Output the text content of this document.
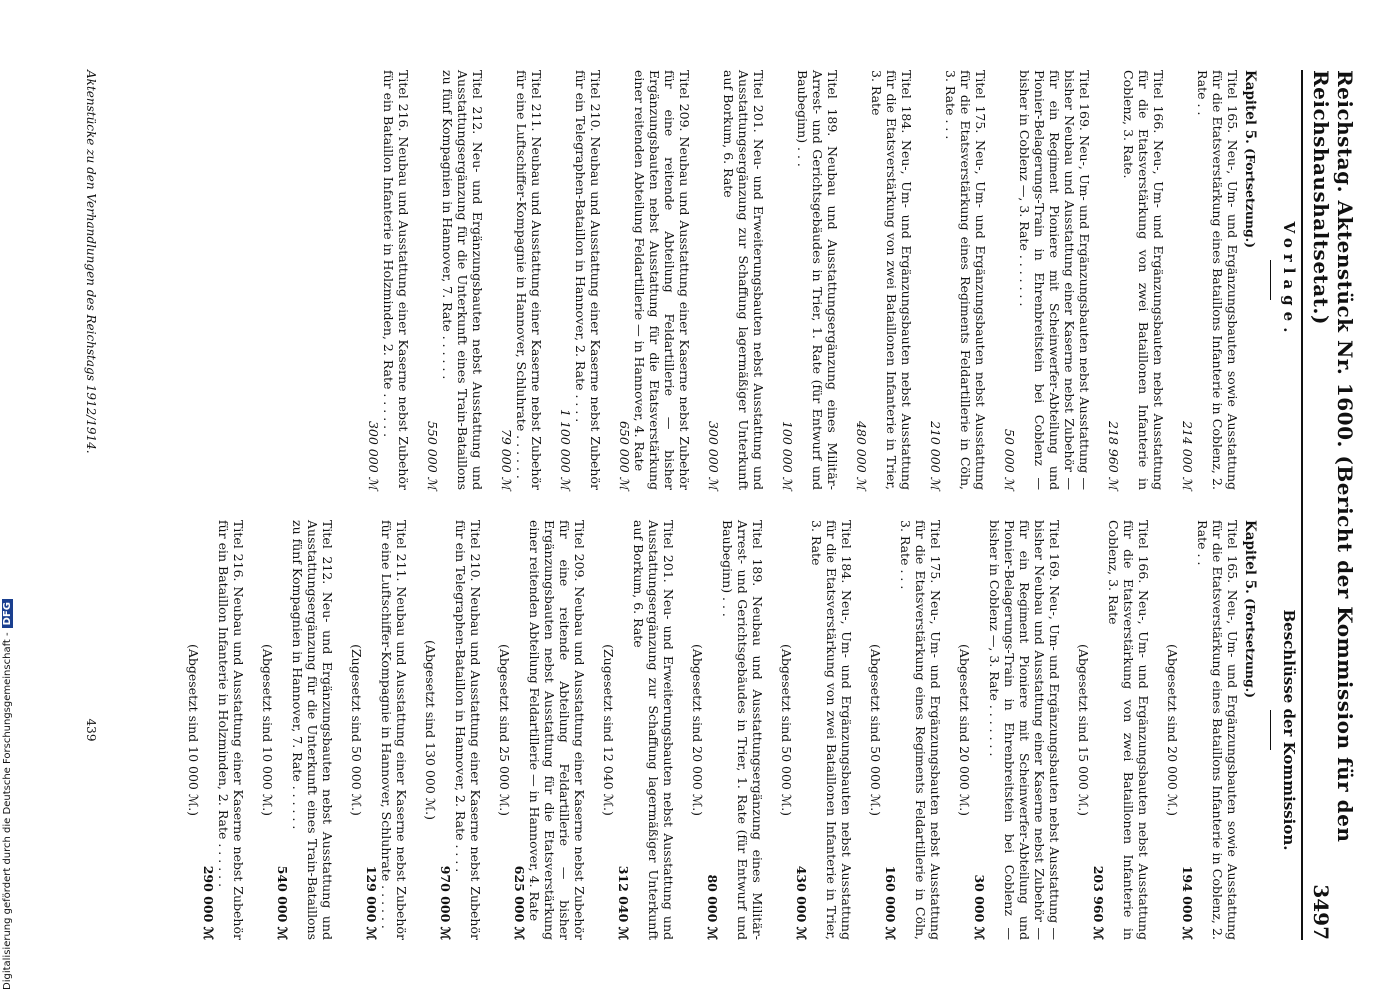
Reichstag. Aktenstück Nr. 1600. (Bericht der Kommission für den Reichshaushaltsetat.)
3497
Vorlage.
Beschlüsse der Kommission.
Kapitel 5. (Fortsetzung.)
Titel 165. Neu-, Um- und Ergänzungsbauten sowie Ausstattung für die Etatsverstärkung eines Bataillons Infanterie in Coblenz, 2. Rate . .
214 000 ℳ
Titel 166. Neu-, Um- und Ergänzungsbauten nebst Ausstattung für die Etatsverstärkung von zwei Bataillonen Infanterie in Coblenz, 3. Rate.
218 960 ℳ
Titel 169. Neu-, Um- und Ergänzungsbauten nebst Ausstattung — bisher Neubau und Ausstattung einer Kaserne nebst Zubehör — für ein Regiment Pioniere mit Scheinwerfer-Abteilung und Pionier-Belagerungs-Train in Ehrenbreitstein bei Coblenz — bisher in Coblenz —, 3. Rate . . . . . . .
50 000 ℳ
Titel 175. Neu-, Um- und Ergänzungsbauten nebst Ausstattung für die Etatsverstärkung eines Regiments Feldartillerie in Cöln, 3. Rate . . .
210 000 ℳ
Titel 184. Neu-, Um- und Ergänzungsbauten nebst Ausstattung für die Etatsverstärkung von zwei Bataillonen Infanterie in Trier, 3. Rate
480 000 ℳ
Titel 189. Neubau und Ausstattungsergänzung eines Militär-Arrest- und Gerichtsgebäudes in Trier, 1. Rate (für Entwurf und Baubeginn) . . .
100 000 ℳ
Titel 201. Neu- und Erweiterungsbauten nebst Ausstattung und Ausstattungsergänzung zur Schaffung lagermäßiger Unterkunft auf Borkum, 6. Rate
300 000 ℳ
Titel 209. Neubau und Ausstattung einer Kaserne nebst Zubehör für eine reitende Abteilung Feldartillerie — bisher Ergänzungsbauten nebst Ausstattung für die Etatsverstärkung einer reitenden Abteilung Feldartillerie — in Hannover, 4. Rate
650 000 ℳ
Titel 210. Neubau und Ausstattung einer Kaserne nebst Zubehör für ein Telegraphen-Bataillon in Hannover, 2. Rate . . . .
1 100 000 ℳ
Titel 211. Neubau und Ausstattung einer Kaserne nebst Zubehör für eine Luftschiffer-Kompagnie in Hannover, Schluhrate . . . . . .
79 000 ℳ
Titel 212. Neu- und Ergänzungsbauten nebst Ausstattung und Ausstattungsergänzung für die Unterkunft eines Train-Bataillons zu fünf Kompagnien in Hannover, 7. Rate . . . . . .
550 000 ℳ
Titel 216. Neubau und Ausstattung einer Kaserne nebst Zubehör für ein Bataillon Infanterie in Holzminden, 2. Rate . . . . . .
300 000 ℳ
Kapitel 5. (Fortsetzung.)
Titel 165. Neu-, Um- und Ergänzungsbauten sowie Ausstattung für die Etatsverstärkung eines Bataillons Infanterie in Coblenz, 2. Rate . .
194 000 ℳ
(Abgesetzt sind 20 000 ℳ.)
Titel 166. Neu-, Um- und Ergänzungsbauten nebst Ausstattung für die Etatsverstärkung von zwei Bataillonen Infanterie in Coblenz, 3. Rate
203 960 ℳ
(Abgesetzt sind 15 000 ℳ.)
Titel 169. Neu-, Um- und Ergänzungsbauten nebst Ausstattung — bisher Neubau und Ausstattung einer Kaserne nebst Zubehör — für ein Regiment Pioniere mit Scheinwerfer-Abteilung und Pionier-Belagerungs-Train in Ehrenbreitstein bei Coblenz — bisher in Coblenz —, 3. Rate . . . . . . .
30 000 ℳ
(Abgesetzt sind 20 000 ℳ.)
Titel 175. Neu-, Um- und Ergänzungsbauten nebst Ausstattung für die Etatsverstärkung eines Regiments Feldartillerie in Cöln, 3. Rate . . .
160 000 ℳ
(Abgesetzt sind 50 000 ℳ.)
Titel 184. Neu-, Um- und Ergänzungsbauten nebst Ausstattung für die Etatsverstärkung von zwei Bataillonen Infanterie in Trier, 3. Rate
430 000 ℳ
(Abgesetzt sind 50 000 ℳ.)
Titel 189. Neubau und Ausstattungsergänzung eines Militär-Arrest- und Gerichtsgebäudes in Trier, 1. Rate (für Entwurf und Baubeginn) . . .
80 000 ℳ
(Abgesetzt sind 20 000 ℳ.)
Titel 201. Neu- und Erweiterungsbauten nebst Ausstattung und Ausstattungsergänzung zur Schaffung lagermäßiger Unterkunft auf Borkum, 6. Rate
312 040 ℳ
(Zugesetzt sind 12 040 ℳ.)
Titel 209. Neubau und Ausstattung einer Kaserne nebst Zubehör für eine reitende Abteilung Feldartillerie — bisher Ergänzungsbauten nebst Ausstattung für die Etatsverstärkung einer reitenden Abteilung Feldartillerie — in Hannover, 4. Rate
625 000 ℳ
(Abgesetzt sind 25 000 ℳ.)
Titel 210. Neubau und Ausstattung einer Kaserne nebst Zubehör für ein Telegraphen-Bataillon in Hannover, 2. Rate . . . .
970 000 ℳ
(Abgesetzt sind 130 000 ℳ.)
Titel 211. Neubau und Ausstattung einer Kaserne nebst Zubehör für eine Luftschiffer-Kompagnie in Hannover, Schluhrate . . . . . .
129 000 ℳ
(Zugesetzt sind 50 000 ℳ.)
Titel 212. Neu- und Ergänzungsbauten nebst Ausstattung und Ausstattungsergänzung für die Unterkunft eines Train-Bataillons zu fünf Kompagnien in Hannover, 7. Rate . . . . . .
540 000 ℳ
(Abgesetzt sind 10 000 ℳ.)
Titel 216. Neubau und Ausstattung einer Kaserne nebst Zubehör für ein Bataillon Infanterie in Holzminden, 2. Rate . . . . . .
290 000 ℳ
(Abgesetzt sind 10 000 ℳ.)
Aktenstücke zu den Verhandlungen des Reichstags 1912/1914.
439
Digitalisierung gefördert durch die Deutsche Forschungsgemeinschaft -DFG
